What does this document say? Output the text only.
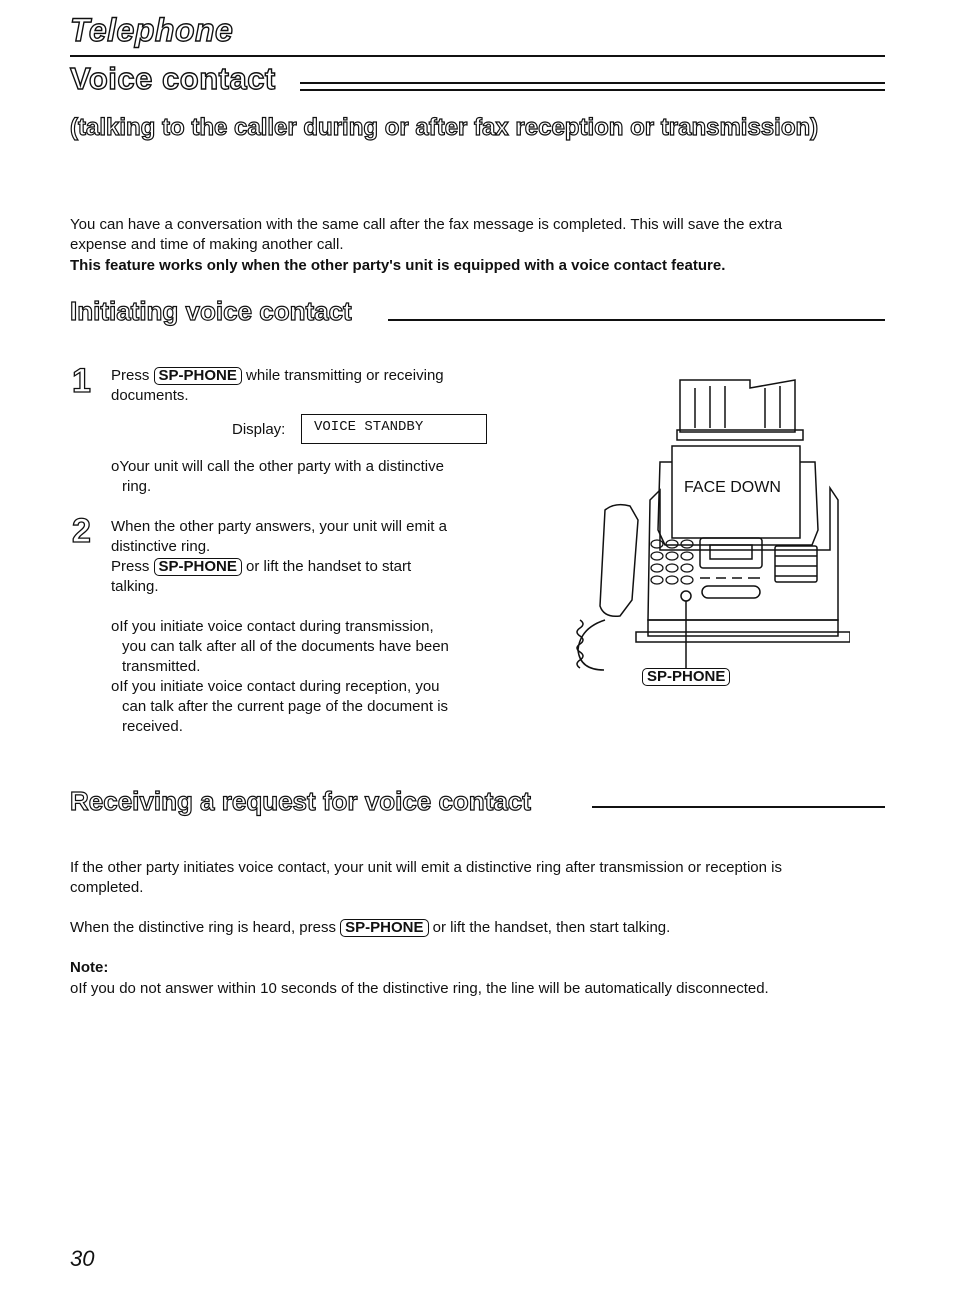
Telephone
Voice contact
(talking to the caller during or after fax reception or transmission)
You can have a conversation with the same call after the fax message is completed. This will save the extra
expense and time of making another call.
This feature works only when the other party's unit is equipped with a voice contact feature.
Initiating voice contact
1 Press SP-PHONE while transmitting or receiving
documents.
Display:	VOICE STANDBY
oYour unit will call the other party with a distinctive
ring.
2 When the other party answers, your unit will emit a
distinctive ring.
Press SP-PHONE or lift the handset to start
talking.
oIf you initiate voice contact during transmission,
you can talk after all of the documents have been
transmitted.
oIf you initiate voice contact during reception, you
can talk after the current page of the document is
received.
FACE DOWN
SP-PHONE
Receiving a request for voice contact
If the other party initiates voice contact, your unit will emit a distinctive ring after transmission or reception is
completed.
When the distinctive ring is heard, press SP-PHONE or lift the handset, then start talking.
Note:
oIf you do not answer within 10 seconds of the distinctive ring, the line will be automatically disconnected.
30
